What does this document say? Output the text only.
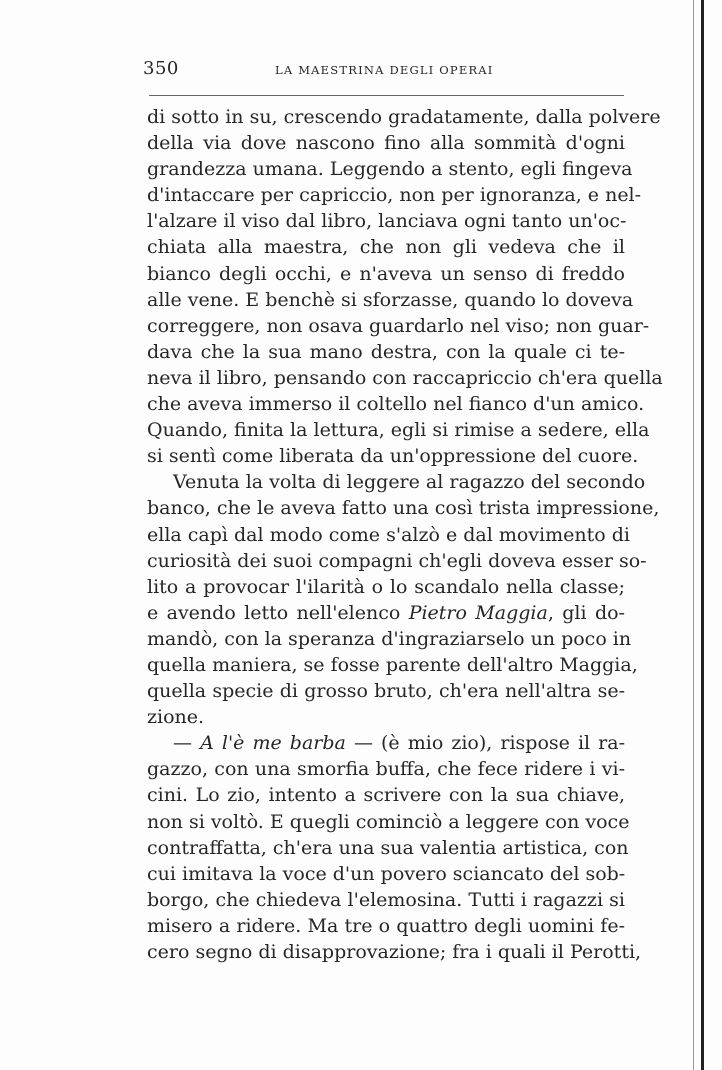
350	LA MAESTRINA DEGLI OPERAI
di sotto in su, crescendo gradatamente, dalla polvere
della via dove nascono fino alla sommità d'ogni
grandezza umana. Leggendo a stento, egli fingeva
d'intaccare per capriccio, non per ignoranza, e nel-
l'alzare il viso dal libro, lanciava ogni tanto un'oc-
chiata alla maestra, che non gli vedeva che il
bianco degli occhi, e n'aveva un senso di freddo
alle vene. E benchè si sforzasse, quando lo doveva
correggere, non osava guardarlo nel viso; non guar-
dava che la sua mano destra, con la quale ci te-
neva il libro, pensando con raccapriccio ch'era quella
che aveva immerso il coltello nel fianco d'un amico.
Quando, finita la lettura, egli si rimise a sedere, ella
si sentì come liberata da un'oppressione del cuore.
Venuta la volta di leggere al ragazzo del secondo
banco, che le aveva fatto una così trista impressione,
ella capì dal modo come s'alzò e dal movimento di
curiosità dei suoi compagni ch'egli doveva esser so-
lito a provocar l'ilarità o lo scandalo nella classe;
e avendo letto nell'elenco Pietro Maggia, gli do-
mandò, con la speranza d'ingraziarselo un poco in
quella maniera, se fosse parente dell'altro Maggia,
quella specie di grosso bruto, ch'era nell'altra se-
zione.
— A l'è me barba — (è mio zio), rispose il ra-
gazzo, con una smorfia buffa, che fece ridere i vi-
cini. Lo zio, intento a scrivere con la sua chiave,
non si voltò. E quegli cominciò a leggere con voce
contraffatta, ch'era una sua valentia artistica, con
cui imitava la voce d'un povero sciancato del sob-
borgo, che chiedeva l'elemosina. Tutti i ragazzi si
misero a ridere. Ma tre o quattro degli uomini fe-
cero segno di disapprovazione; fra i quali il Perotti,
